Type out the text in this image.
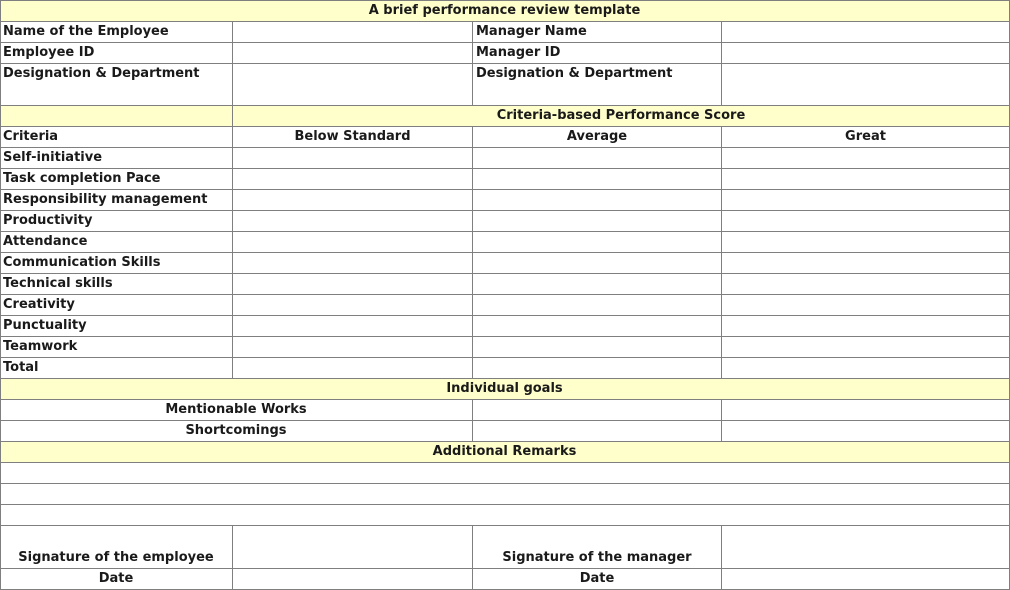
A brief performance review template
Name of the Employee	Manager Name
Employee ID	Manager ID
Designation & Department	Designation & Department
Criteria-based Performance Score
Criteria	Below Standard	Average	Great
Self-initiative
Task completion Pace
Responsibility management
Productivity
Attendance
Communication Skills
Technical skills
Creativity
Punctuality
Teamwork
Total
Individual goals
Mentionable Works
Shortcomings
Additional Remarks
Signature of the employee	Signature of the manager
Date	Date
